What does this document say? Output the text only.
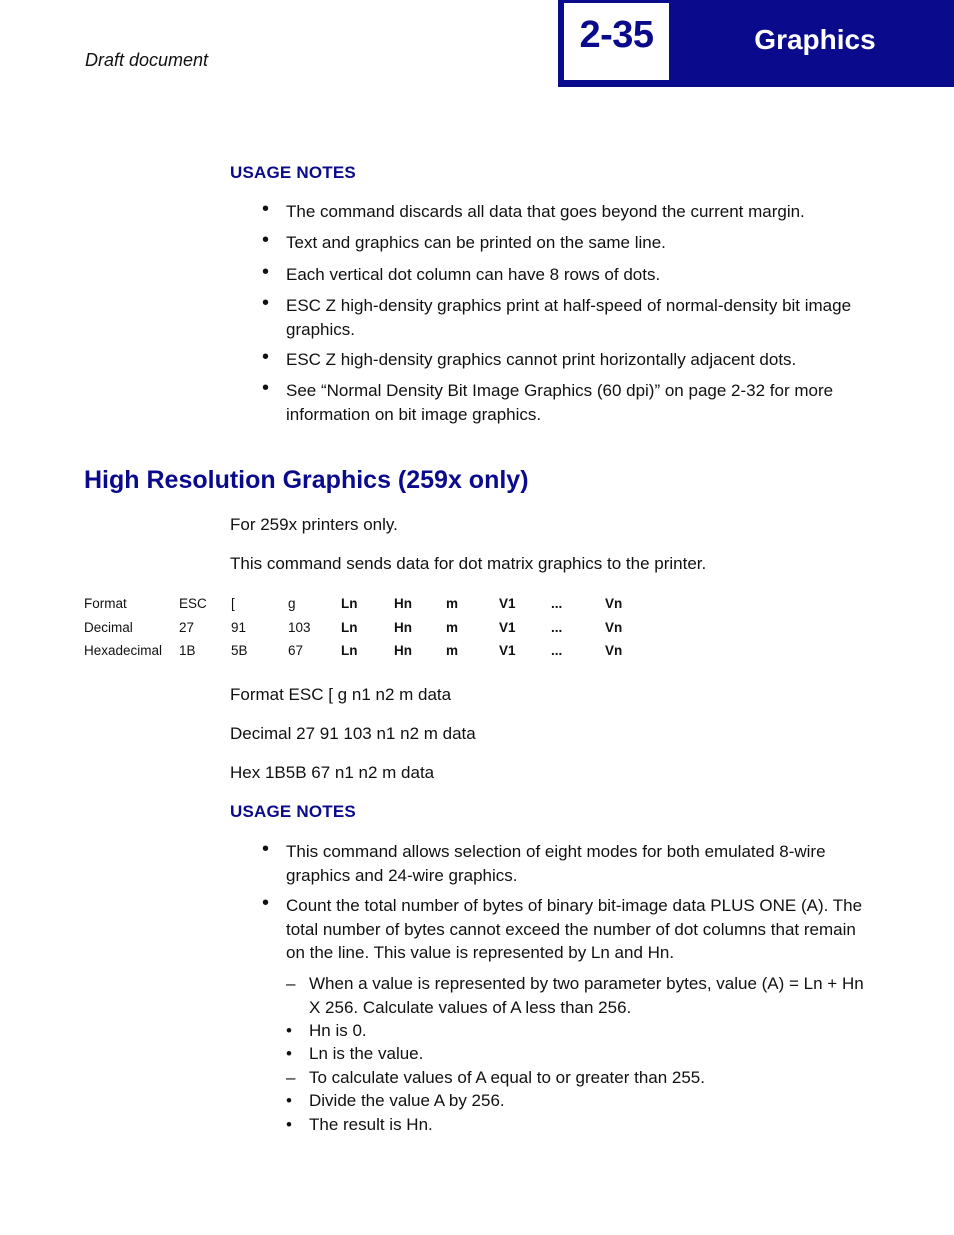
Draft document
2-35	Graphics
USAGE NOTES
• The command discards all data that goes beyond the current margin.
• Text and graphics can be printed on the same line.
• Each vertical dot column can have 8 rows of dots.
• ESC Z high-density graphics print at half-speed of normal-density bit image graphics.
• ESC Z high-density graphics cannot print horizontally adjacent dots.
• See “Normal Density Bit Image Graphics (60 dpi)” on page 2-32 for more information on bit image graphics.
High Resolution Graphics (259x only)
For 259x printers only.
This command sends data for dot matrix graphics to the printer.
Format	ESC	[	g	Ln	Hn	m	V1	...	Vn
Decimal	27	91	103	Ln	Hn	m	V1	...	Vn
Hexadecimal	1B	5B	67	Ln	Hn	m	V1	...	Vn
Format ESC [ g n1 n2 m data
Decimal 27 91 103 n1 n2 m data
Hex 1B5B 67 n1 n2 m data
USAGE NOTES
• This command allows selection of eight modes for both emulated 8-wire graphics and 24-wire graphics.
• Count the total number of bytes of binary bit-image data PLUS ONE (A). The total number of bytes cannot exceed the number of dot columns that remain on the line. This value is represented by Ln and Hn.
– When a value is represented by two parameter bytes, value (A) = Ln + Hn X 256. Calculate values of A less than 256.
•	Hn is 0.
•	Ln is the value.
– To calculate values of A equal to or greater than 255.
•	Divide the value A by 256.
•	The result is Hn.
